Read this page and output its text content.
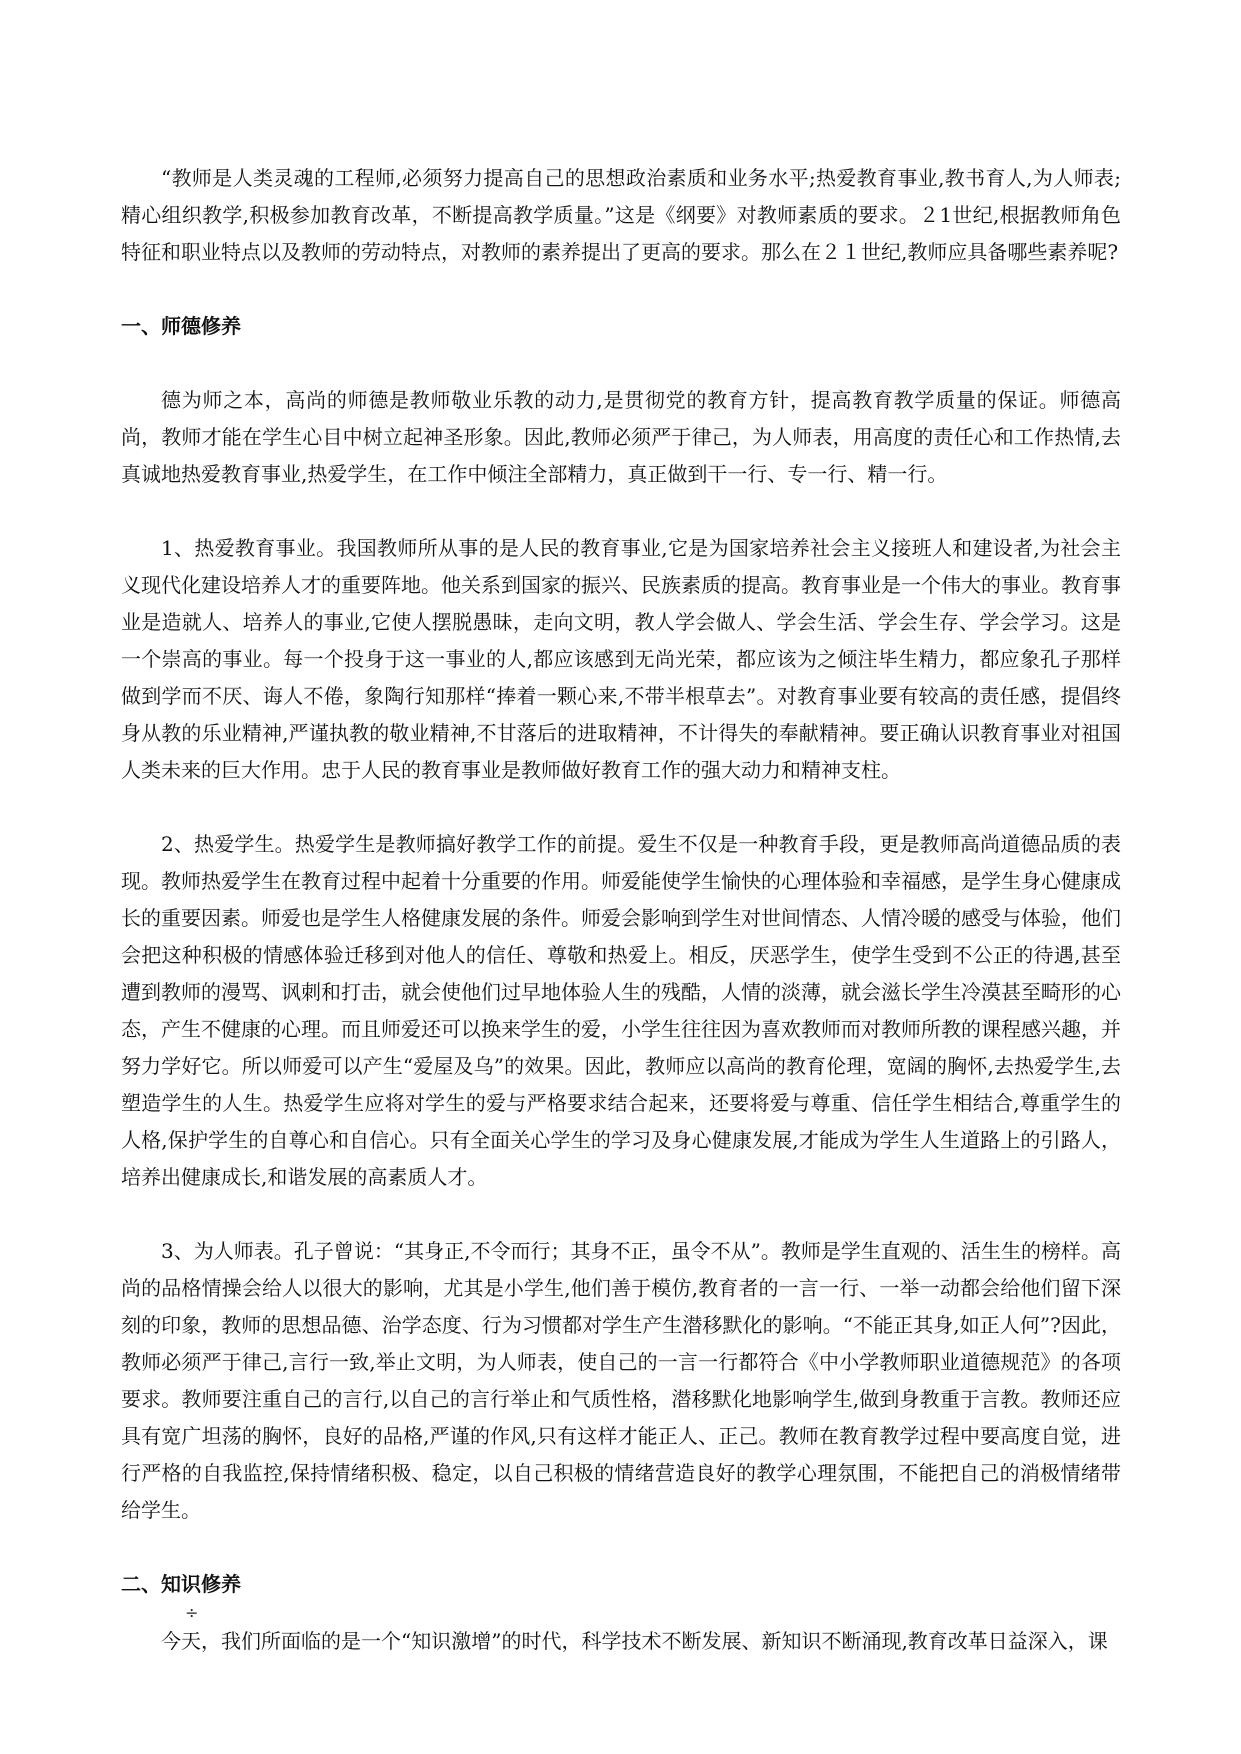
“教师是人类灵魂的工程师,必须努力提高自己的思想政治素质和业务水平;热爱教育事业,教书育人,为人师表;精心组织教学,积极参加教育改革，不断提高教学质量。”这是《纲要》对教师素质的要求。２1世纪,根据教师角色特征和职业特点以及教师的劳动特点，对教师的素养提出了更高的要求。那么在２１世纪,教师应具备哪些素养呢?

一、师德修养

德为师之本，高尚的师德是教师敬业乐教的动力,是贯彻党的教育方针，提高教育教学质量的保证。师德高尚，教师才能在学生心目中树立起神圣形象。因此,教师必须严于律己，为人师表，用高度的责任心和工作热情,去真诚地热爱教育事业,热爱学生，在工作中倾注全部精力，真正做到干一行、专一行、精一行。

1、热爱教育事业。我国教师所从事的是人民的教育事业,它是为国家培养社会主义接班人和建设者,为社会主义现代化建设培养人才的重要阵地。他关系到国家的振兴、民族素质的提高。教育事业是一个伟大的事业。教育事业是造就人、培养人的事业,它使人摆脱愚昧，走向文明，教人学会做人、学会生活、学会生存、学会学习。这是一个崇高的事业。每一个投身于这一事业的人,都应该感到无尚光荣，都应该为之倾注毕生精力，都应象孔子那样做到学而不厌、诲人不倦，象陶行知那样“捧着一颗心来,不带半根草去”。对教育事业要有较高的责任感，提倡终身从教的乐业精神,严谨执教的敬业精神,不甘落后的进取精神，不计得失的奉献精神。要正确认识教育事业对祖国人类未来的巨大作用。忠于人民的教育事业是教师做好教育工作的强大动力和精神支柱。

2、热爱学生。热爱学生是教师搞好教学工作的前提。爱生不仅是一种教育手段，更是教师高尚道德品质的表现。教师热爱学生在教育过程中起着十分重要的作用。师爱能使学生愉快的心理体验和幸福感，是学生身心健康成长的重要因素。师爱也是学生人格健康发展的条件。师爱会影响到学生对世间情态、人情冷暖的感受与体验，他们会把这种积极的情感体验迁移到对他人的信任、尊敬和热爱上。相反，厌恶学生，使学生受到不公正的待遇,甚至遭到教师的漫骂、讽刺和打击，就会使他们过早地体验人生的残酷，人情的淡薄，就会滋长学生冷漠甚至畸形的心态，产生不健康的心理。而且师爱还可以换来学生的爱，小学生往往因为喜欢教师而对教师所教的课程感兴趣，并努力学好它。所以师爱可以产生“爱屋及乌”的效果。因此，教师应以高尚的教育伦理，宽阔的胸怀,去热爱学生,去塑造学生的人生。热爱学生应将对学生的爱与严格要求结合起来，还要将爱与尊重、信任学生相结合,尊重学生的人格,保护学生的自尊心和自信心。只有全面关心学生的学习及身心健康发展,才能成为学生人生道路上的引路人，培养出健康成长,和谐发展的高素质人才。

3、为人师表。孔子曾说：“其身正,不令而行；其身不正，虽令不从”。教师是学生直观的、活生生的榜样。高尚的品格情操会给人以很大的影响，尤其是小学生,他们善于模仿,教育者的一言一行、一举一动都会给他们留下深刻的印象，教师的思想品德、治学态度、行为习惯都对学生产生潜移默化的影响。“不能正其身,如正人何”?因此，教师必须严于律己,言行一致,举止文明，为人师表，使自己的一言一行都符合《中小学教师职业道德规范》的各项要求。教师要注重自己的言行,以自己的言行举止和气质性格，潜移默化地影响学生,做到身教重于言教。教师还应具有宽广坦荡的胸怀，良好的品格,严谨的作风,只有这样才能正人、正己。教师在教育教学过程中要高度自觉，进行严格的自我监控,保持情绪积极、稳定，以自己积极的情绪营造良好的教学心理氛围，不能把自己的消极情绪带给学生。

二、知识修养
÷

今天，我们所面临的是一个“知识激增”的时代，科学技术不断发展、新知识不断涌现,教育改革日益深入，课
